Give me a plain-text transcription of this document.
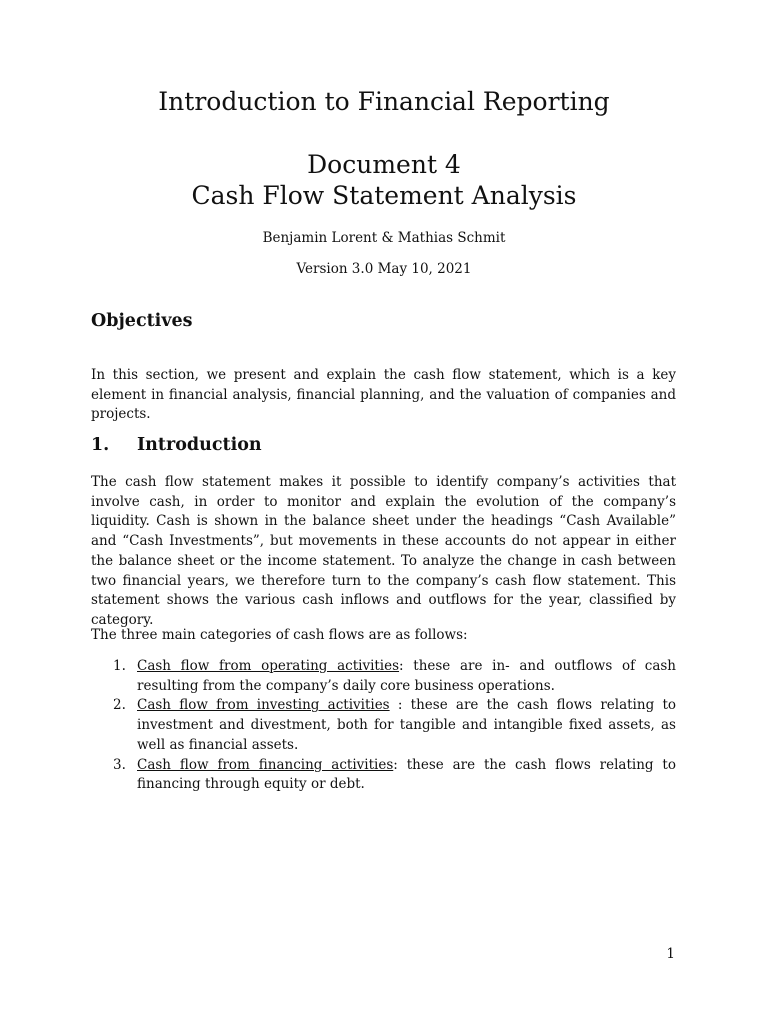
Introduction to Financial Reporting
Document 4
Cash Flow Statement Analysis
Benjamin Lorent & Mathias Schmit
Version 3.0 May 10, 2021
Objectives

In this section, we present and explain the cash flow statement, which is a key element in financial analysis, financial planning, and the valuation of companies and projects.

1. Introduction

The cash flow statement makes it possible to identify company’s activities that involve cash, in order to monitor and explain the evolution of the company’s liquidity. Cash is shown in the balance sheet under the headings “Cash Available” and “Cash Investments”, but movements in these accounts do not appear in either the balance sheet or the income statement. To analyze the change in cash between two financial years, we therefore turn to the company’s cash flow statement. This statement shows the various cash inflows and outflows for the year, classified by category.

The three main categories of cash flows are as follows:

1. Cash flow from operating activities: these are in- and outflows of cash resulting from the company’s daily core business operations.
2. Cash flow from investing activities : these are the cash flows relating to investment and divestment, both for tangible and intangible fixed assets, as well as financial assets.
3. Cash flow from financing activities: these are the cash flows relating to financing through equity or debt.
1
